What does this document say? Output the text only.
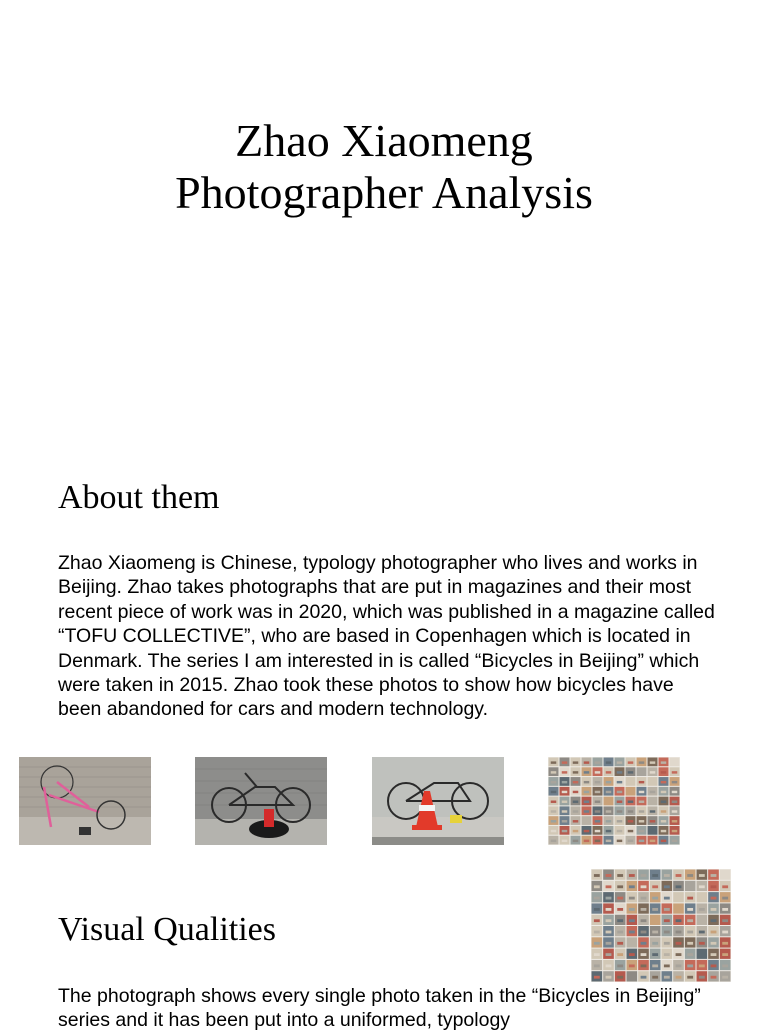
Zhao Xiaomeng
Photographer Analysis
About them
Zhao Xiaomeng is Chinese, typology photographer who lives and works in Beijing. Zhao takes photographs that are put in magazines and their most recent piece of work was in 2020, which was published in a magazine called “TOFU COLLECTIVE”, who are based in Copenhagen which is located in Denmark. The series I am interested in is called “Bicycles in Beijing” which were taken in 2015. Zhao took these photos to show how bicycles have been abandoned for cars and modern technology.
Visual Qualities
The photograph shows every single photo taken in the “Bicycles in Beijing” series and it has been put into a uniformed, typology
